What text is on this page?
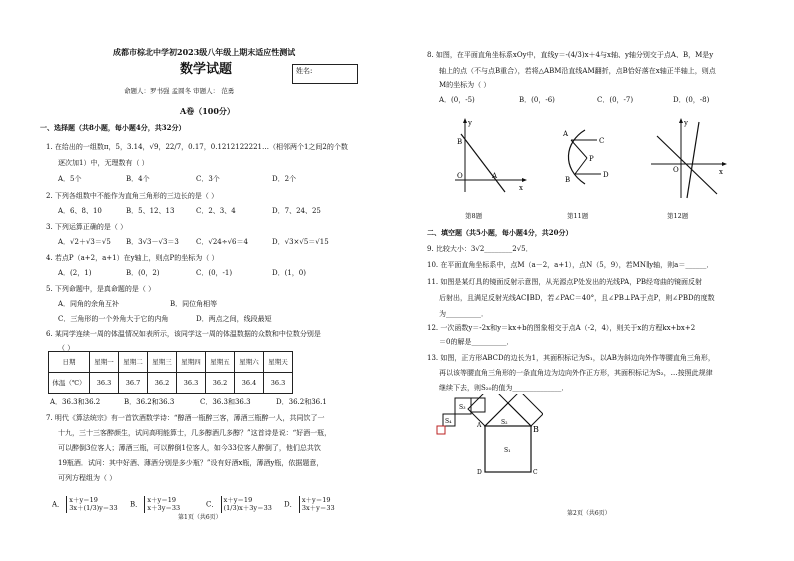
成都市棕北中学初2023级八年级上期末适应性测试
数学试题	姓名:
命题人：罗书强 孟圆冬 审题人： 范勇
A卷（100分）
一、选择题（共8小题，每小题4分，共32分）
1. 在给出的一组数π，5，3.14，√9，22/7，0.17，0.1212122221…（相邻两个1之间2的个数
逐次加1）中，无理数有（ ）
A．5个	B．4个	C．3个	D．2个
2. 下列各组数中不能作为直角三角形的三边长的是（ ）
A．6、8、10	B．5、12、13	C．2、3、4	D．7、24、25
3. 下列运算正确的是（ ）
A．√2＋√3＝√5 B．3√3－√3＝3 C．√24÷√6＝4	D．√3×√5＝√15
4. 若点P（a+2，a+1）在y轴上，则点P的坐标为（ ）
A．(2，1)	B．(0，2)	C．(0，-1)	D．(1，0)
5. 下列命题中，是真命题的是（ ）
A．同角的余角互补	B．同位角相等
C．三角形的一个外角大于它的内角	D．两点之间，线段最短
6. 某同学连续一周的体温情况如表所示，该同学这一周的体温数据的众数和中位数分别是
（ ）
日期	星期一	星期二	星期三	星期四	星期五	星期六	星期天
体温（℃）	36.3	36.7	36.2	36.3	36.2	36.4	36.3
A．36.3和36.2	B．36.2和36.3	C．36.3和36.3	D．36.2和36.1
7. 明代《算法统宗》有一首饮酒数学诗：“醇酒一瓶醉三客，薄酒三瓶醉一人，共同饮了一
十九，三十三客醉颜生，试问高明能算士，几多醇酒几多醇？”这首诗是说：“好酒一瓶，
可以醉倒3位客人；薄酒三瓶，可以醉倒1位客人，如今33位客人醉倒了，他们总共饮
19瓶酒．试问：其中好酒、薄酒分别是多少瓶？”设有好酒x瓶，薄酒y瓶，依据题意，
可列方程组为（ ）
A． x＋y＝19
3x＋(1/3)y＝33 B． x＋y＝19
x＋3y＝33	C． x＋y＝19
(1/3)x＋3y＝33 D． x＋y＝19
3x＋y＝33
第1页（共6页）
8. 如图，在平面直角坐标系xOy中，直线y＝-(4/3)x＋4与x轴、y轴分别交于点A、B，M是y
轴上的点（不与点B重合），若将△ABM沿直线AM翻折，点B恰好落在x轴正半轴上，则点
M的坐标为（ ）
A．(0，-5)	B．(0，-6)	C．(0，-7)	D．(0，-8)
y
B
O	A
x
第8题
A
C
P
B
D
第11题
y
O	x
第12题
二、填空题（共5小题，每小题4分，共20分）
9. 比较大小：3√2________2√5．
10. 在平面直角坐标系中，点M（a－2，a+1），点N（5，9），若MN∥y轴，则a＝______．
11. 如图是某灯具的镜面反射示意图，从光源点P处发出的光线PA，PB经弯曲的镜面反射
后射出，且满足反射光线AC∥BD，若∠PAC＝40°，且∠PB⊥PA于点P，则∠PBD的度数
为__________．
12. 一次函数y＝-2x和y＝kx+b的图象相交于点A（-2，4），则关于x的方程kx+bx+2
＝0的解是__________．
13. 如图，正方形ABCD的边长为1，其面积标记为S₁，以AB为斜边向外作等腰直角三角形，
再以该等腰直角三角形的一条直角边为边向外作正方形，其面积标记为S₂，…按照此规律
继续下去，则S₂₀的值为______________．
S₁
S₂
S₃
S₄
A	B
C
D
第2页（共6页）
